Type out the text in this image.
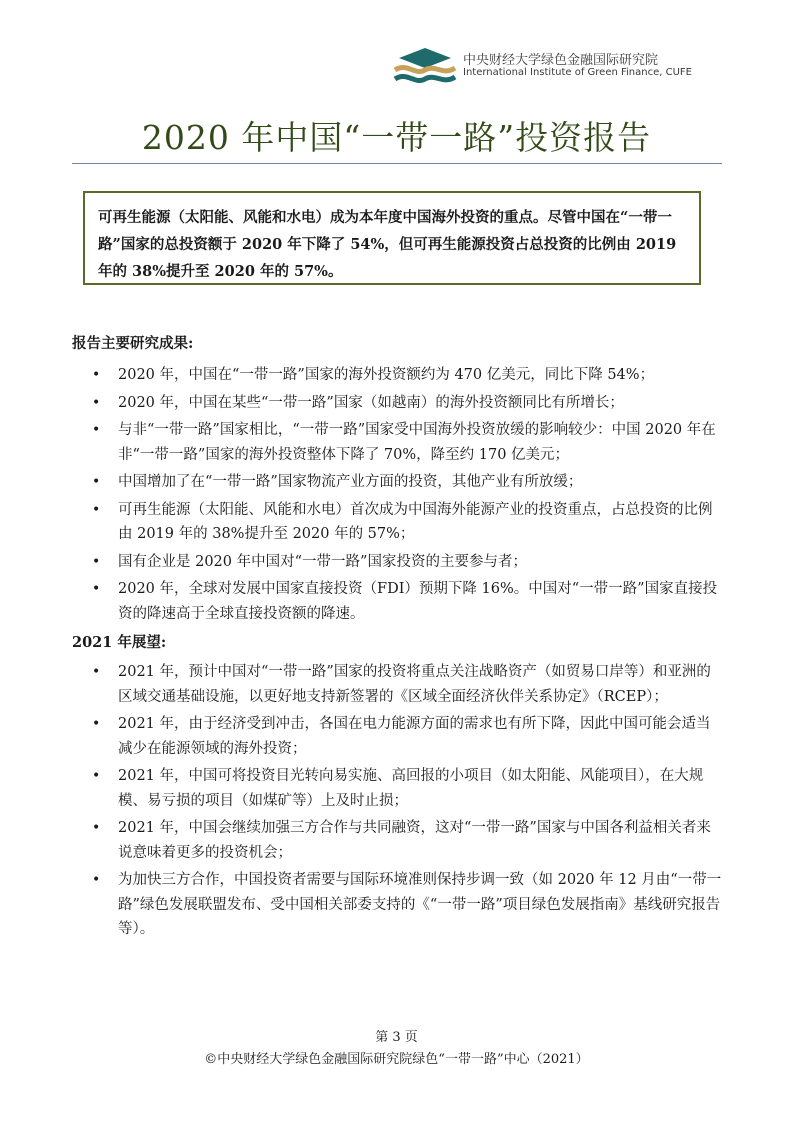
中央财经大学绿色金融国际研究院
International Institute of Green Finance, CUFE
2020 年中国“一带一路”投资报告
可再生能源（太阳能、风能和水电）成为本年度中国海外投资的重点。尽管中国在“一带一路”国家的总投资额于 2020 年下降了 54%，但可再生能源投资占总投资的比例由 2019 年的 38%提升至 2020 年的 57%。
报告主要研究成果:
• 2020 年，中国在“一带一路”国家的海外投资额约为 470 亿美元，同比下降 54%；
• 2020 年，中国在某些“一带一路”国家（如越南）的海外投资额同比有所增长；
• 与非“一带一路”国家相比，“一带一路”国家受中国海外投资放缓的影响较少：中国 2020 年在非“一带一路”国家的海外投资整体下降了 70%，降至约 170 亿美元；
• 中国增加了在“一带一路”国家物流产业方面的投资，其他产业有所放缓；
• 可再生能源（太阳能、风能和水电）首次成为中国海外能源产业的投资重点，占总投资的比例由 2019 年的 38%提升至 2020 年的 57%；
• 国有企业是 2020 年中国对“一带一路”国家投资的主要参与者；
• 2020 年，全球对发展中国家直接投资（FDI）预期下降 16%。中国对“一带一路”国家直接投资的降速高于全球直接投资额的降速。
2021 年展望:
• 2021 年，预计中国对“一带一路”国家的投资将重点关注战略资产（如贸易口岸等）和亚洲的区域交通基础设施，以更好地支持新签署的《区域全面经济伙伴关系协定》（RCEP）；
• 2021 年，由于经济受到冲击，各国在电力能源方面的需求也有所下降，因此中国可能会适当减少在能源领域的海外投资；
• 2021 年，中国可将投资目光转向易实施、高回报的小项目（如太阳能、风能项目），在大规模、易亏损的项目（如煤矿等）上及时止损；
• 2021 年，中国会继续加强三方合作与共同融资，这对“一带一路”国家与中国各利益相关者来说意味着更多的投资机会；
• 为加快三方合作，中国投资者需要与国际环境准则保持步调一致（如 2020 年 12 月由“一带一路”绿色发展联盟发布、受中国相关部委支持的《“一带一路”项目绿色发展指南》基线研究报告等）。
第 3 页
©中央财经大学绿色金融国际研究院绿色“一带一路”中心（2021）
